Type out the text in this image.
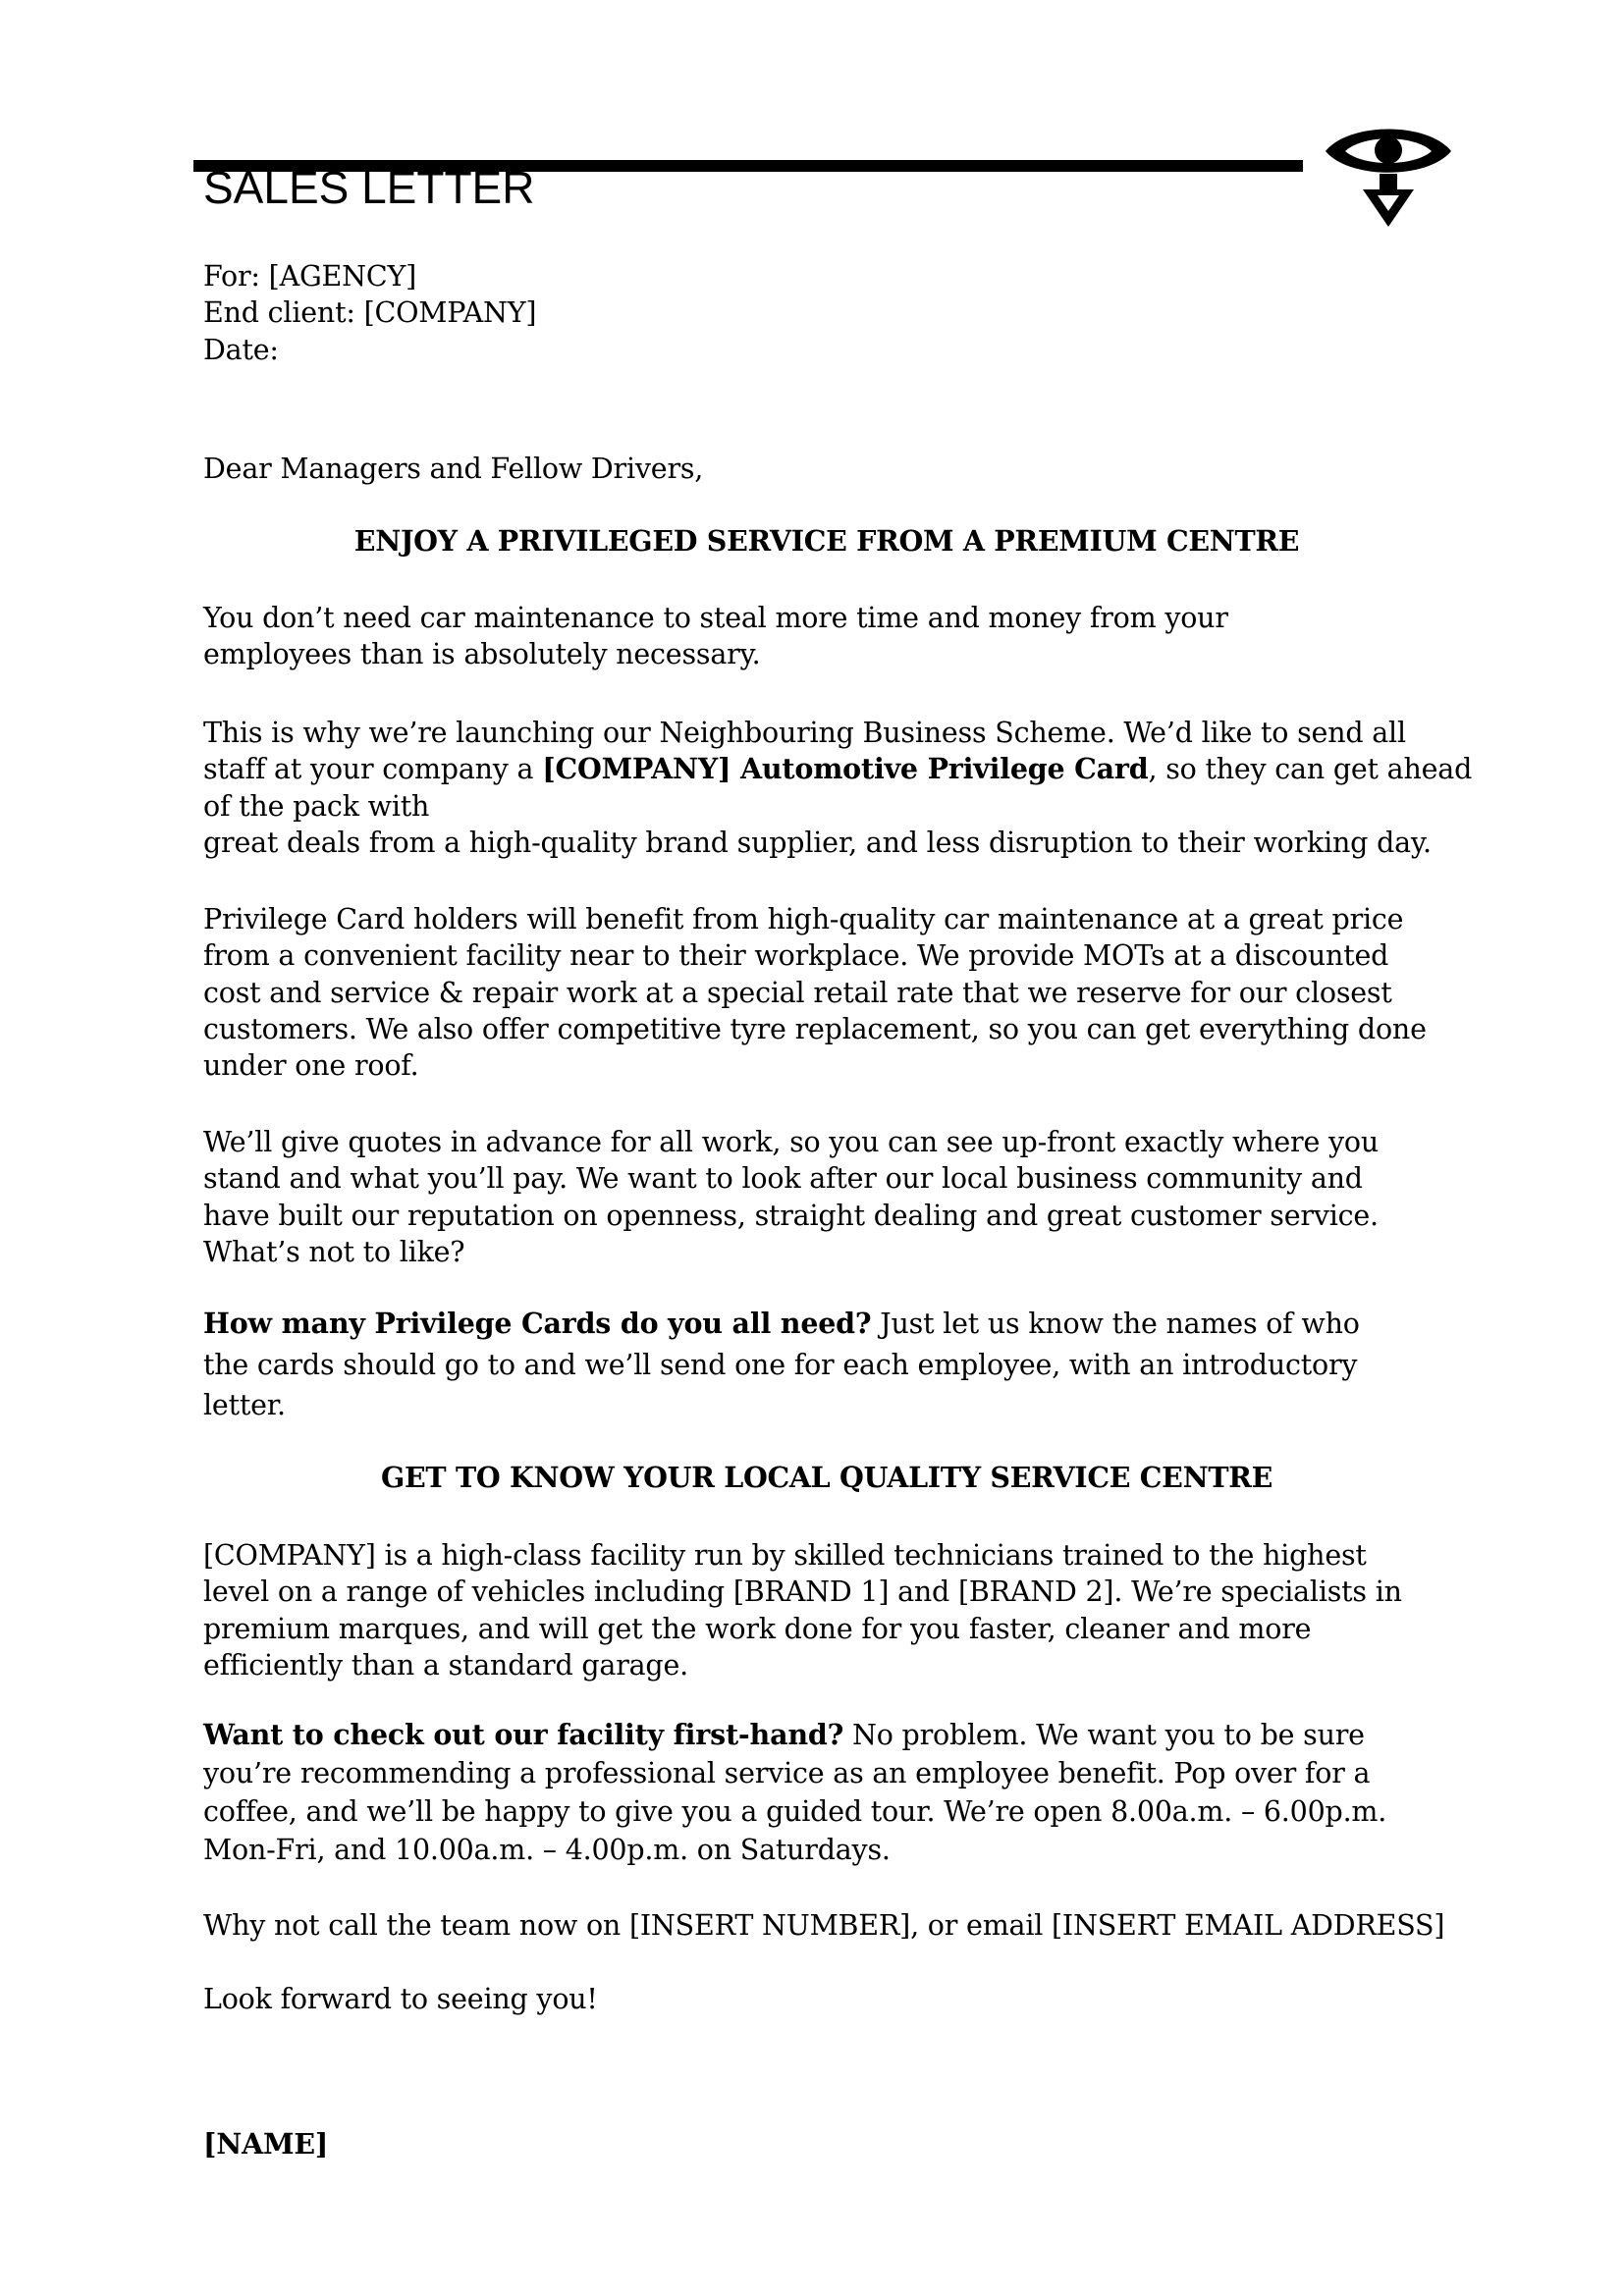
SALES LETTER
For: [AGENCY]
End client: [COMPANY]
Date:

Dear Managers and Fellow Drivers,

ENJOY A PRIVILEGED SERVICE FROM A PREMIUM CENTRE

You don’t need car maintenance to steal more time and money from your
employees than is absolutely necessary.
This is why we’re launching our Neighbouring Business Scheme. We’d like to send all
staff at your company a [COMPANY] Automotive Privilege Card, so they can get ahead
of the pack with
great deals from a high-quality brand supplier, and less disruption to their working day.
Privilege Card holders will benefit from high-quality car maintenance at a great price
from a convenient facility near to their workplace. We provide MOTs at a discounted
cost and service & repair work at a special retail rate that we reserve for our closest
customers. We also offer competitive tyre replacement, so you can get everything done
under one roof.
We’ll give quotes in advance for all work, so you can see up-front exactly where you
stand and what you’ll pay. We want to look after our local business community and
have built our reputation on openness, straight dealing and great customer service.
What’s not to like?
How many Privilege Cards do you all need? Just let us know the names of who
the cards should go to and we’ll send one for each employee, with an introductory
letter.

GET TO KNOW YOUR LOCAL QUALITY SERVICE CENTRE

[COMPANY] is a high-class facility run by skilled technicians trained to the highest
level on a range of vehicles including [BRAND 1] and [BRAND 2]. We’re specialists in
premium marques, and will get the work done for you faster, cleaner and more
efficiently than a standard garage.
Want to check out our facility first-hand? No problem. We want you to be sure
you’re recommending a professional service as an employee benefit. Pop over for a
coffee, and we’ll be happy to give you a guided tour. We’re open 8.00a.m. – 6.00p.m.
Mon-Fri, and 10.00a.m. – 4.00p.m. on Saturdays.

Why not call the team now on [INSERT NUMBER], or email [INSERT EMAIL ADDRESS]

Look forward to seeing you!

[NAME]
